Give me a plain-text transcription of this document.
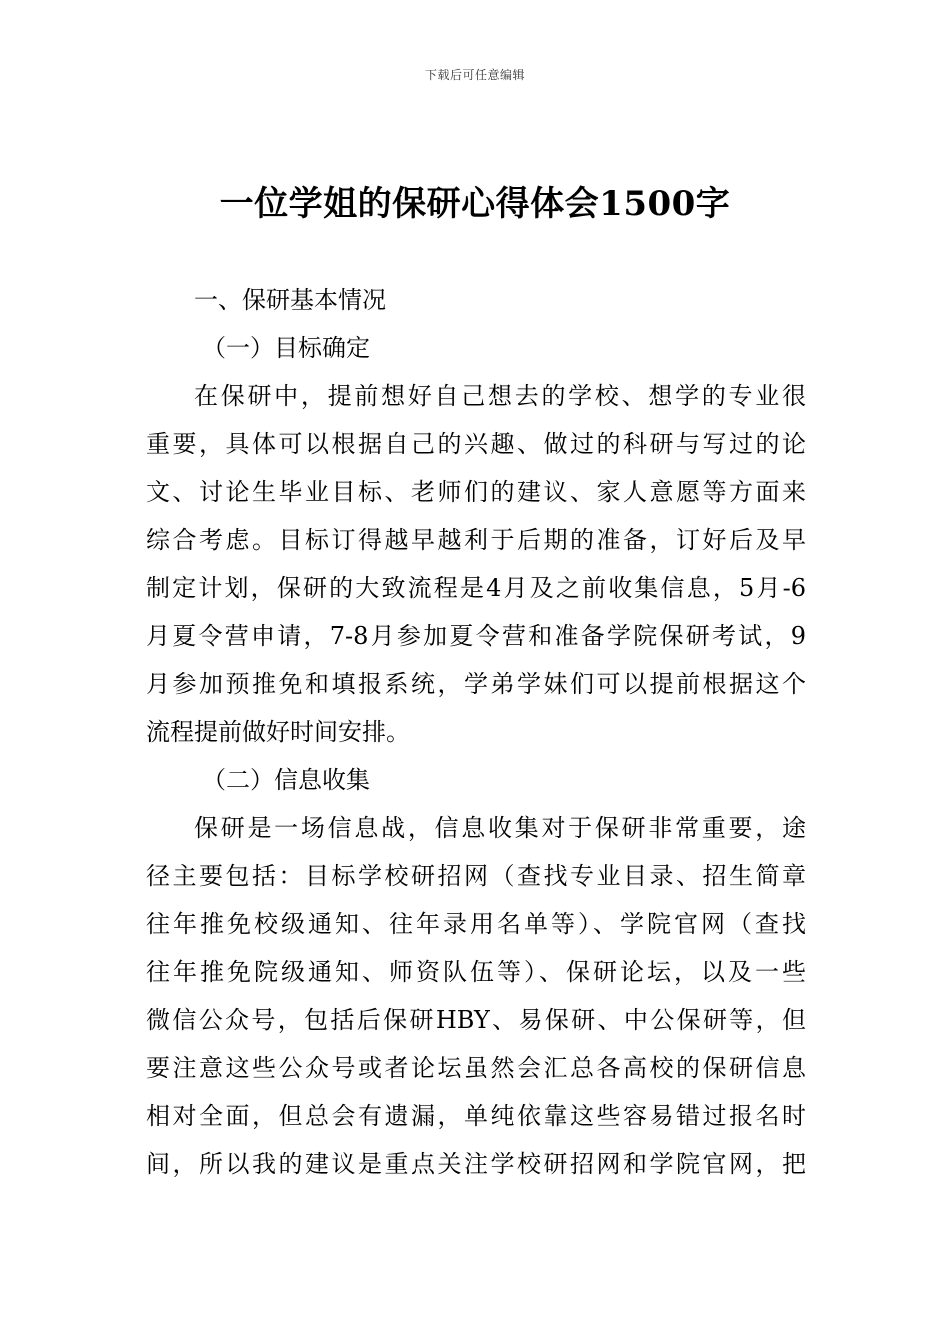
下载后可任意编辑
一位学姐的保研心得体会1500字
一、保研基本情况
（一）目标确定
在保研中，提前想好自己想去的学校、想学的专业很
重要，具体可以根据自己的兴趣、做过的科研与写过的论
文、讨论生毕业目标、老师们的建议、家人意愿等方面来
综合考虑。目标订得越早越利于后期的准备，订好后及早
制定计划，保研的大致流程是4月及之前收集信息，5月-6
月夏令营申请，7-8月参加夏令营和准备学院保研考试，9
月参加预推免和填报系统，学弟学妹们可以提前根据这个
流程提前做好时间安排。
（二）信息收集
保研是一场信息战，信息收集对于保研非常重要，途
径主要包括：目标学校研招网（查找专业目录、招生简章
往年推免校级通知、往年录用名单等）、学院官网（查找
往年推免院级通知、师资队伍等）、保研论坛，以及一些
微信公众号，包括后保研HBY、易保研、中公保研等，但
要注意这些公众号或者论坛虽然会汇总各高校的保研信息
相对全面，但总会有遗漏，单纯依靠这些容易错过报名时
间，所以我的建议是重点关注学校研招网和学院官网，把
